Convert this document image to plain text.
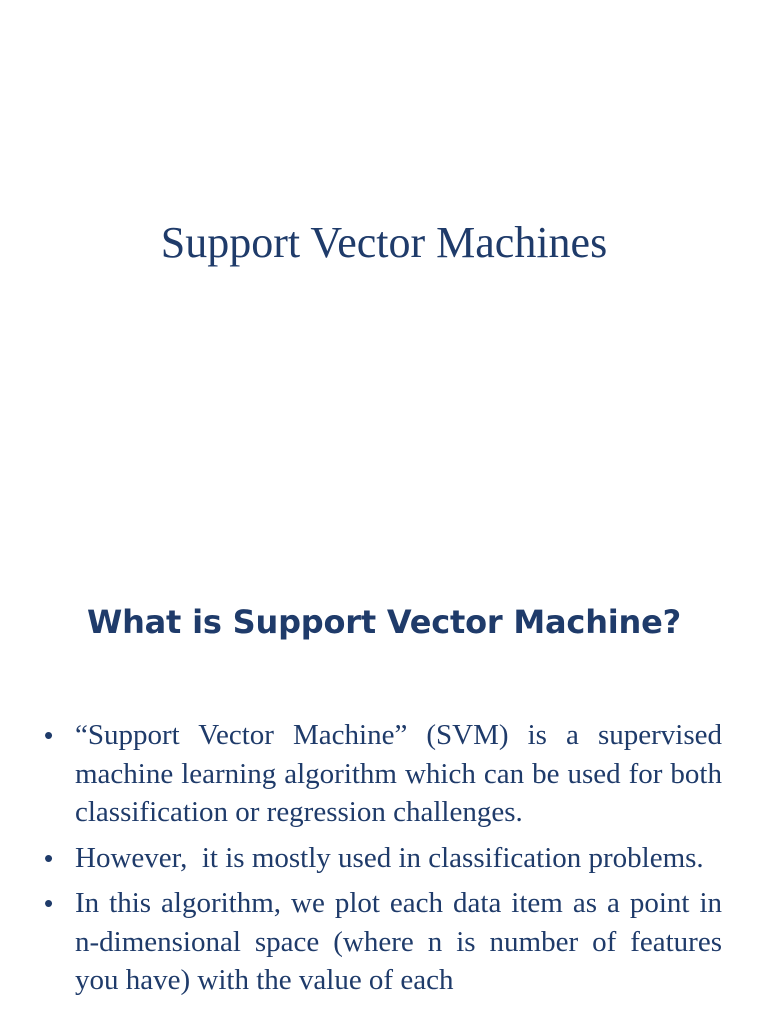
Support Vector Machines
What is Support Vector Machine?
• “Support Vector Machine” (SVM) is a supervised machine learning algorithm which can be used for both classification or regression challenges.
• However,  it is mostly used in classification problems.
• In this algorithm, we plot each data item as a point in n-dimensional space (where n is number of features you have) with the value of each
